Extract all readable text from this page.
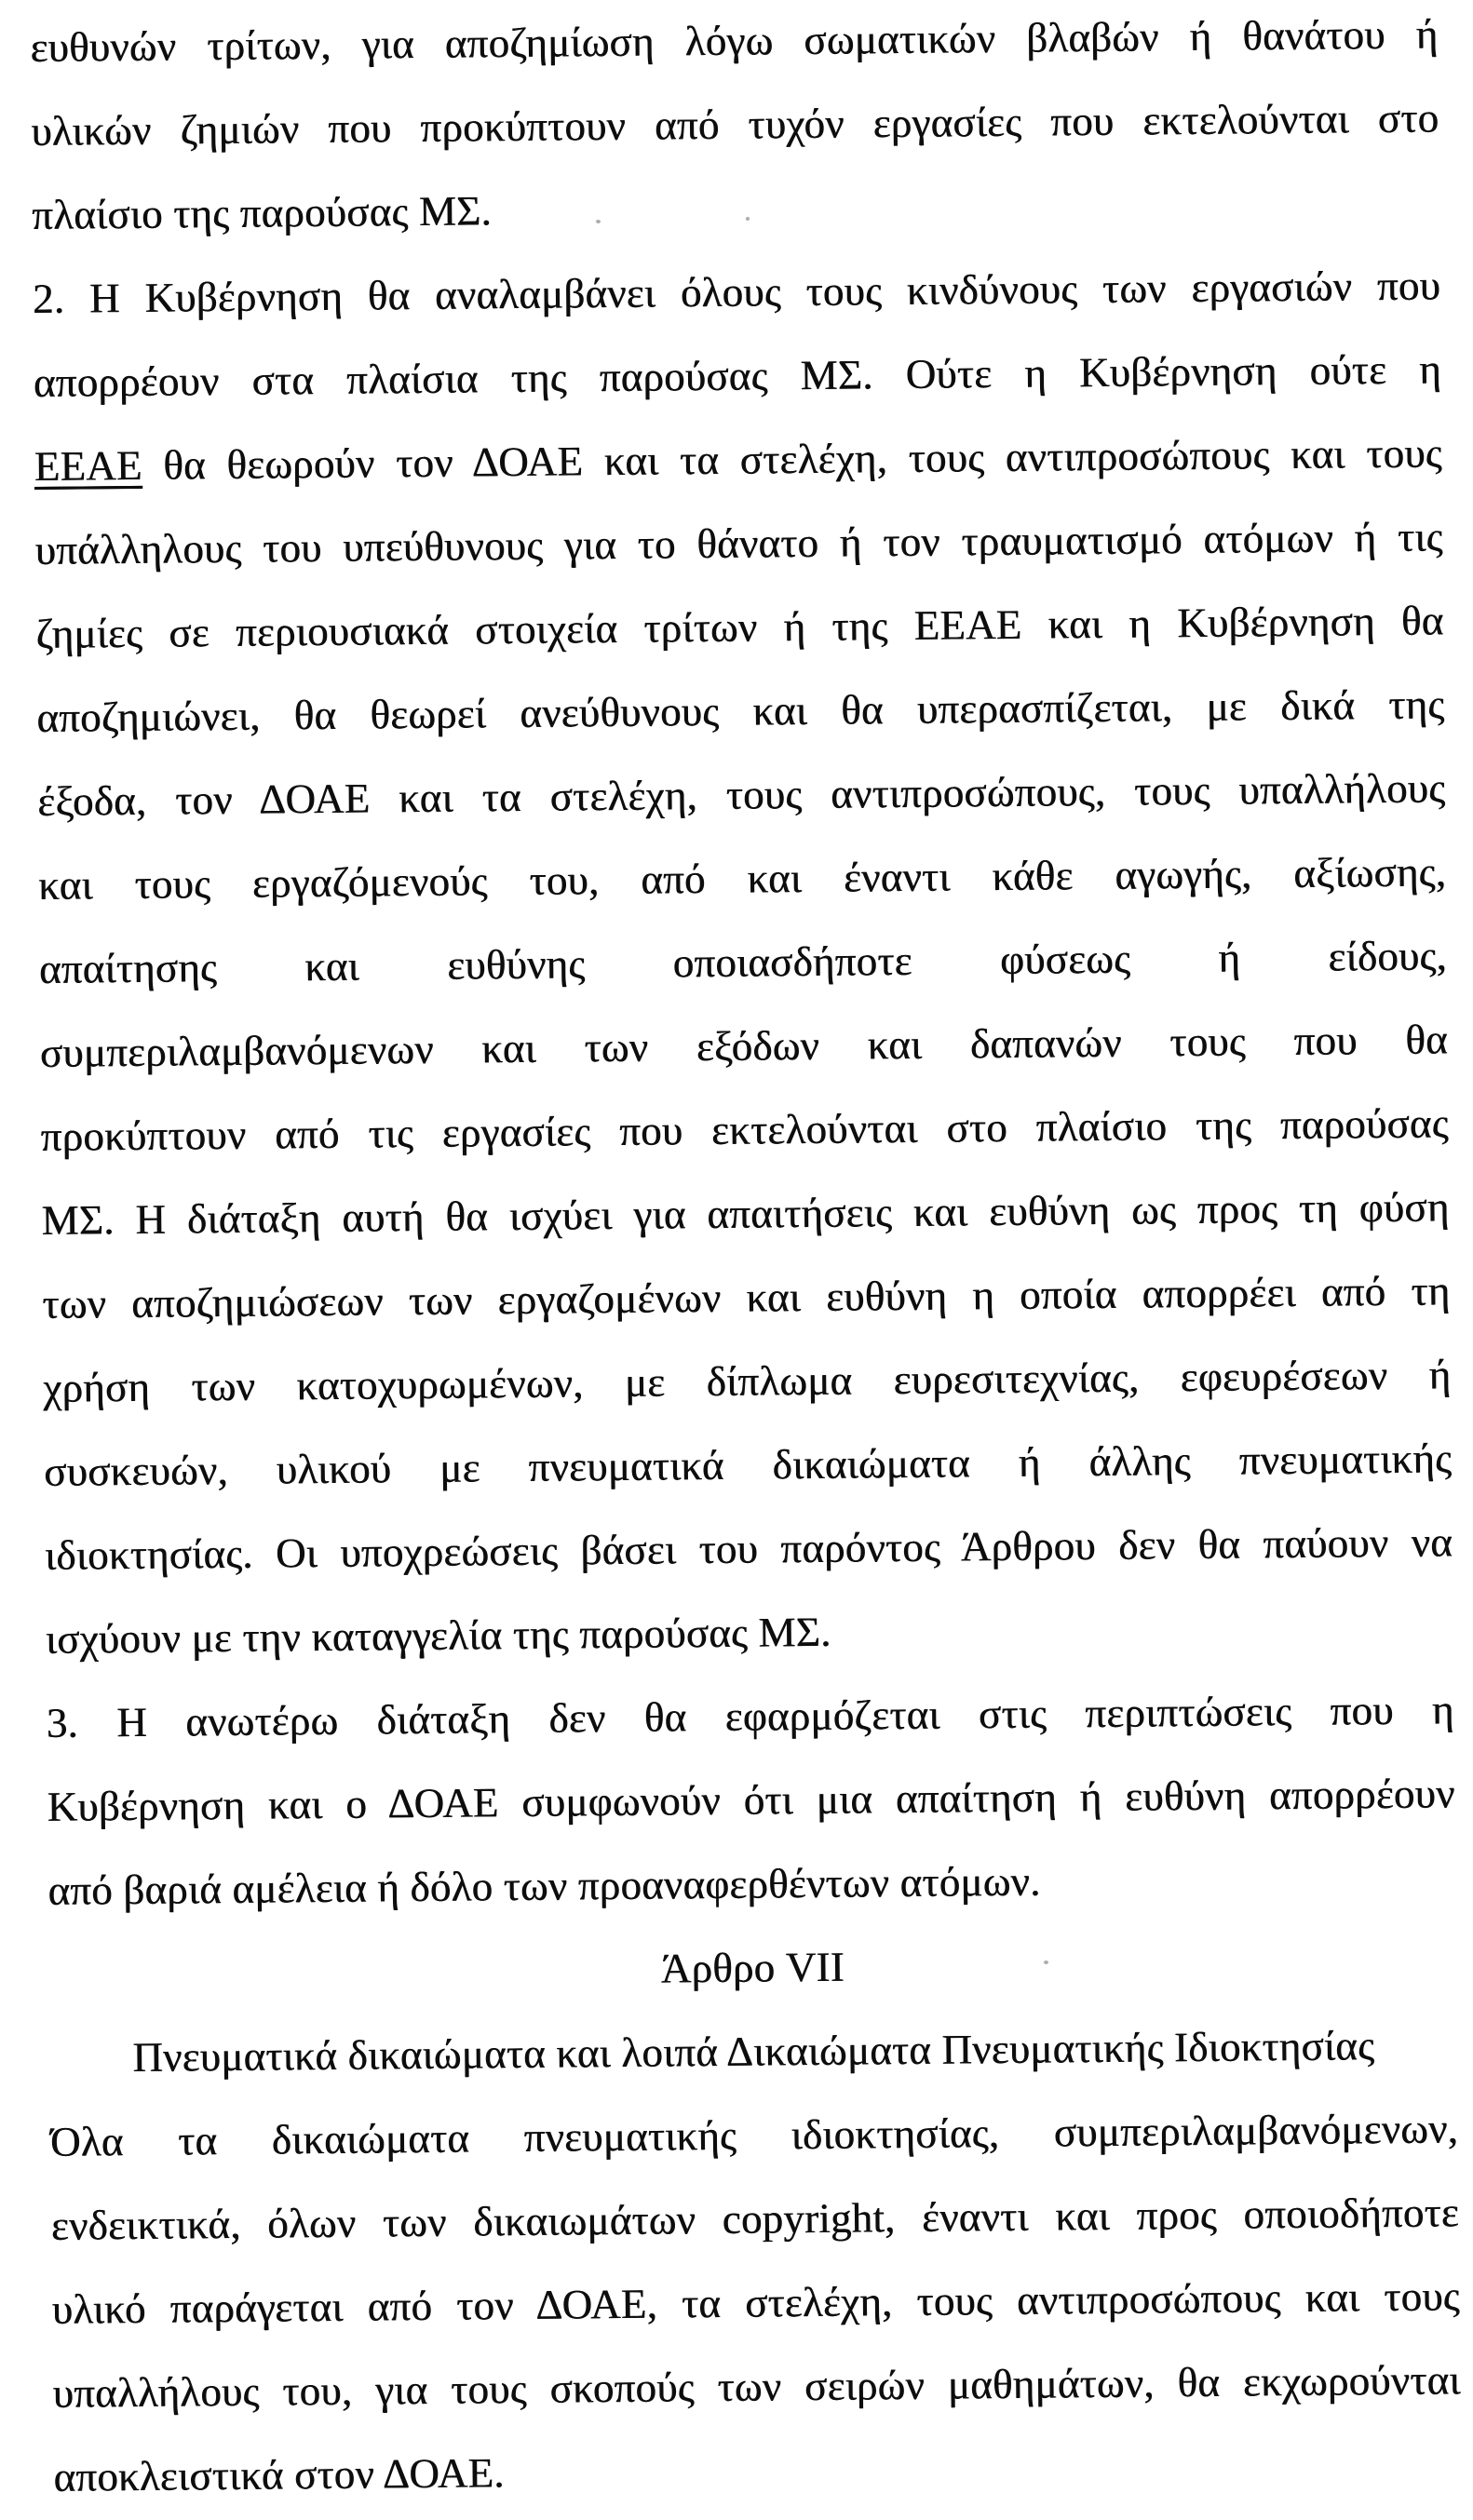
ευθυνών τρίτων, για αποζημίωση λόγω σωματικών βλαβών ή θανάτου ή
υλικών ζημιών που προκύπτουν από τυχόν εργασίες που εκτελούνται στο
πλαίσιο της παρούσας ΜΣ.
2. Η Κυβέρνηση θα αναλαμβάνει όλους τους κινδύνους των εργασιών που
απορρέουν στα πλαίσια της παρούσας ΜΣ. Ούτε η Κυβέρνηση ούτε η
ΕΕΑΕ θα θεωρούν τον ΔΟΑΕ και τα στελέχη, τους αντιπροσώπους και τους
υπάλληλους του υπεύθυνους για το θάνατο ή τον τραυματισμό ατόμων ή τις
ζημίες σε περιουσιακά στοιχεία τρίτων ή της ΕΕΑΕ και η Κυβέρνηση θα
αποζημιώνει, θα θεωρεί ανεύθυνους και θα υπερασπίζεται, με δικά της
έξοδα, τον ΔΟΑΕ και τα στελέχη, τους αντιπροσώπους, τους υπαλλήλους
και τους εργαζόμενούς του, από και έναντι κάθε αγωγής, αξίωσης,
απαίτησης και ευθύνης οποιασδήποτε φύσεως ή είδους,
συμπεριλαμβανόμενων και των εξόδων και δαπανών τους που θα
προκύπτουν από τις εργασίες που εκτελούνται στο πλαίσιο της παρούσας
ΜΣ. Η διάταξη αυτή θα ισχύει για απαιτήσεις και ευθύνη ως προς τη φύση
των αποζημιώσεων των εργαζομένων και ευθύνη η οποία απορρέει από τη
χρήση των κατοχυρωμένων, με δίπλωμα ευρεσιτεχνίας, εφευρέσεων ή
συσκευών, υλικού με πνευματικά δικαιώματα ή άλλης πνευματικής
ιδιοκτησίας. Οι υποχρεώσεις βάσει του παρόντος Άρθρου δεν θα παύουν να
ισχύουν με την καταγγελία της παρούσας ΜΣ.
3. Η ανωτέρω διάταξη δεν θα εφαρμόζεται στις περιπτώσεις που η
Κυβέρνηση και ο ΔΟΑΕ συμφωνούν ότι μια απαίτηση ή ευθύνη απορρέουν
από βαριά αμέλεια ή δόλο των προαναφερθέντων ατόμων.
Άρθρο VII
Πνευματικά δικαιώματα και λοιπά Δικαιώματα Πνευματικής Ιδιοκτησίας
Όλα τα δικαιώματα πνευματικής ιδιοκτησίας, συμπεριλαμβανόμενων,
ενδεικτικά, όλων των δικαιωμάτων copyright, έναντι και προς οποιοδήποτε
υλικό παράγεται από τον ΔΟΑΕ, τα στελέχη, τους αντιπροσώπους και τους
υπαλλήλους του, για τους σκοπούς των σειρών μαθημάτων, θα εκχωρούνται
αποκλειστικά στον ΔΟΑΕ.
